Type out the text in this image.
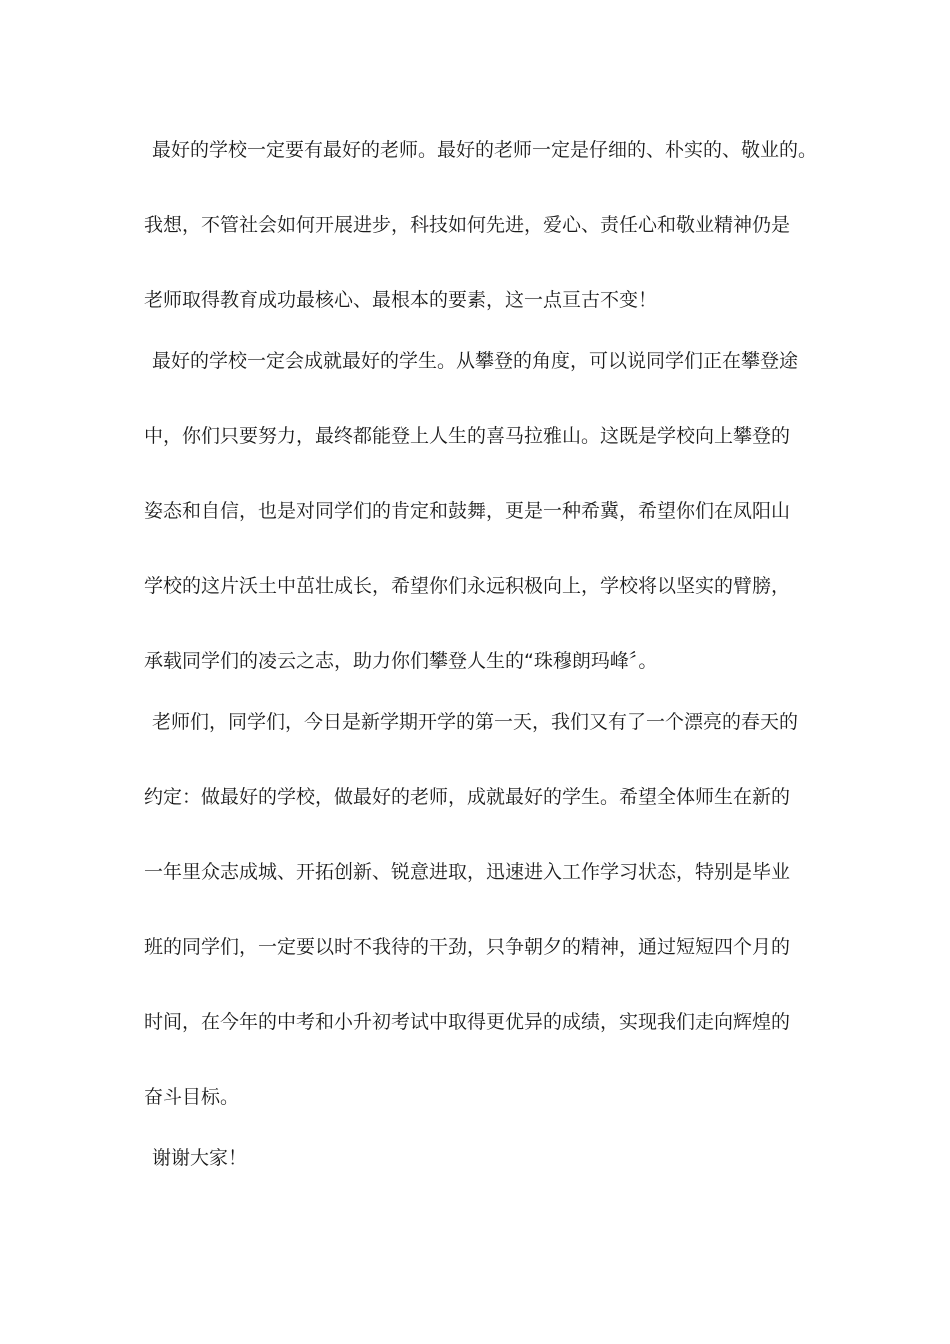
最好的学校一定要有最好的老师。最好的老师一定是仔细的、朴实的、敬业的。
我想，不管社会如何开展进步，科技如何先进，爱心、责任心和敬业精神仍是
老师取得教育成功最核心、最根本的要素，这一点亘古不变！
最好的学校一定会成就最好的学生。从攀登的角度，可以说同学们正在攀登途
中，你们只要努力，最终都能登上人生的喜马拉雅山。这既是学校向上攀登的
姿态和自信，也是对同学们的肯定和鼓舞，更是一种希冀，希望你们在凤阳山
学校的这片沃土中茁壮成长，希望你们永远积极向上，学校将以坚实的臂膀，
承载同学们的凌云之志，助力你们攀登人生的“珠穆朗玛峰〞。
老师们，同学们，今日是新学期开学的第一天，我们又有了一个漂亮的春天的
约定：做最好的学校，做最好的老师，成就最好的学生。希望全体师生在新的
一年里众志成城、开拓创新、锐意进取，迅速进入工作学习状态，特别是毕业
班的同学们，一定要以时不我待的干劲，只争朝夕的精神，通过短短四个月的
时间，在今年的中考和小升初考试中取得更优异的成绩，实现我们走向辉煌的
奋斗目标。
谢谢大家！
